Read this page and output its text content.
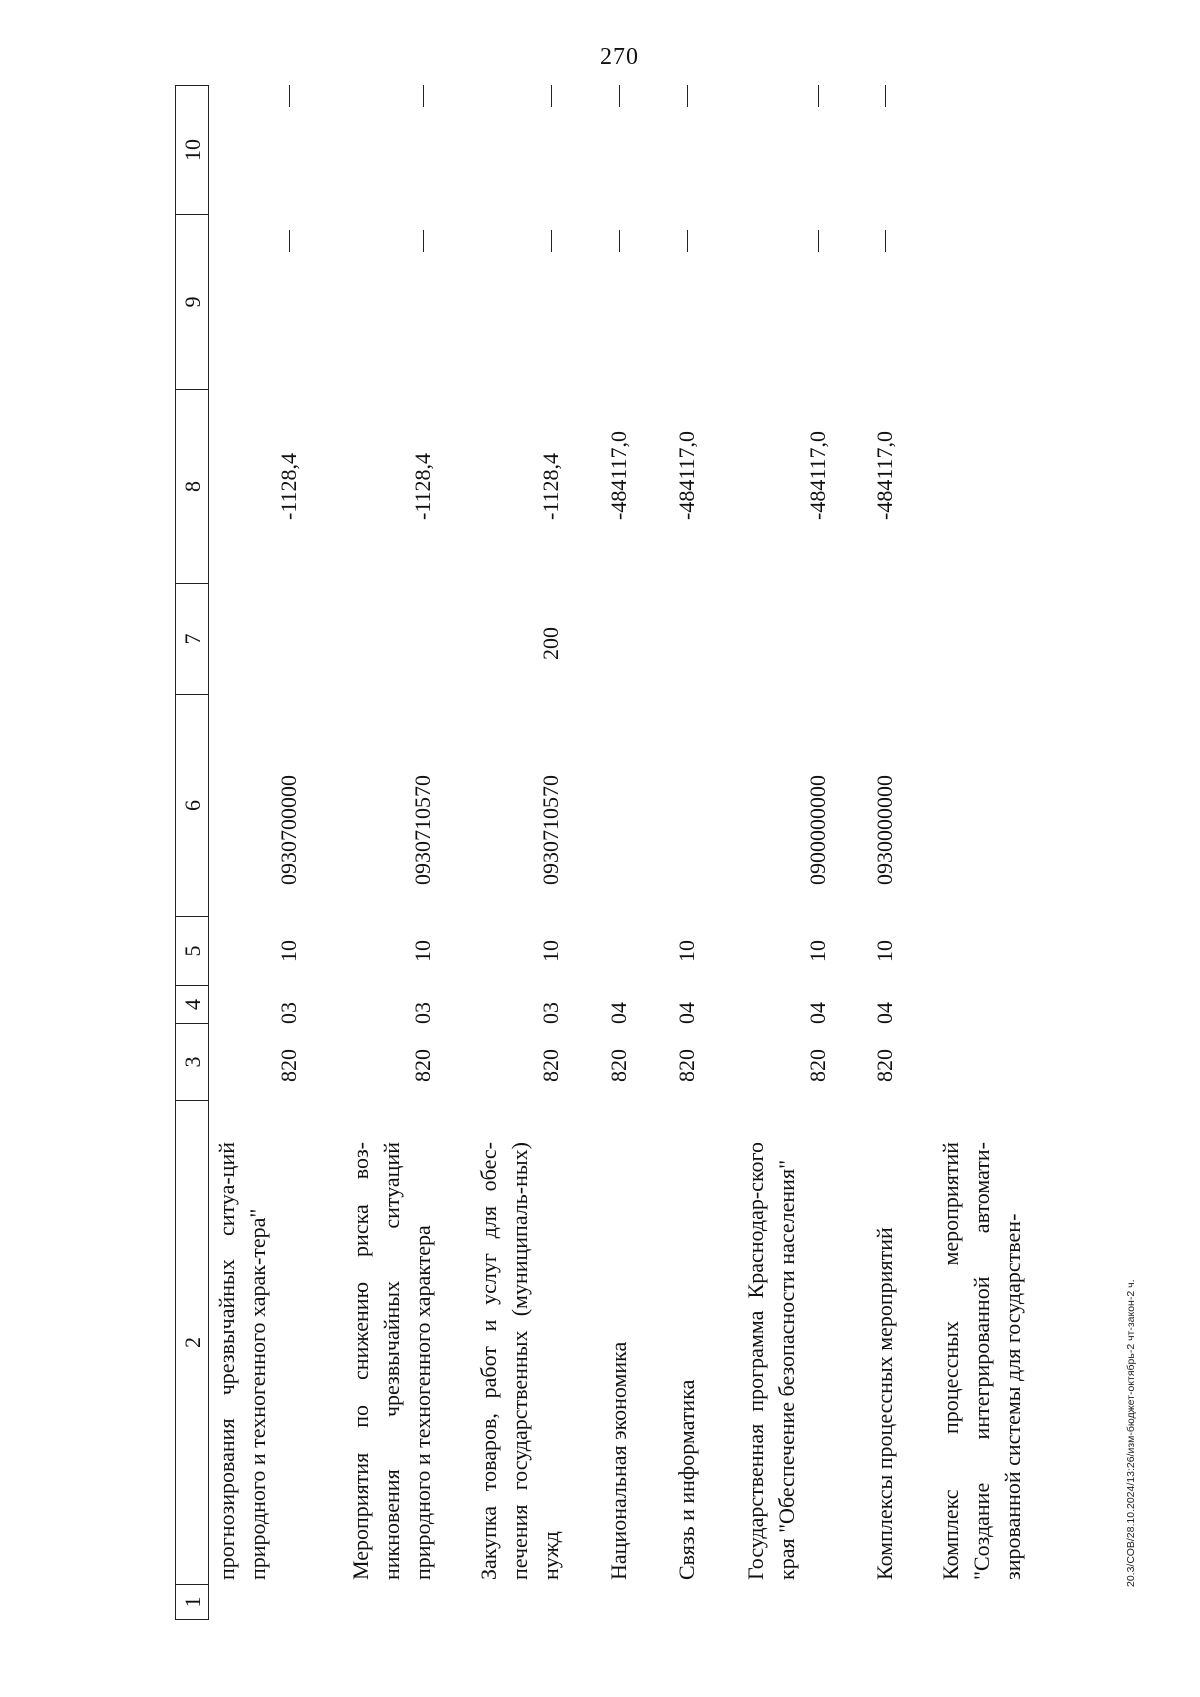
270
20.3/СОВ/28.10.2024/13:26/изм-бюджет-октябрь-2 чт-закон-2 ч.
1
2
3
4
5
6
7
8
9
10
прогнозирования чрезвычайных ситуа-ций природного и техногенного харак-тера"
820
03
10
0930700000
-1128,4
Мероприятия по снижению риска воз-никновения чрезвычайных ситуаций природного и техногенного характера
820
03
10
0930710570
-1128,4
Закупка товаров, работ и услуг для обес-печения государственных (муниципаль-ных) нужд
820
03
10
0930710570
200
-1128,4
Национальная экономика
820
04
-484117,0
Связь и информатика
820
04
10
-484117,0
Государственная программа Краснодар-ского края "Обеспечение безопасности населения"
820
04
10
0900000000
-484117,0
Комплексы процессных мероприятий
820
04
10
0930000000
-484117,0
Комплекс процессных мероприятий "Создание интегрированной автомати-зированной системы для государствен-
